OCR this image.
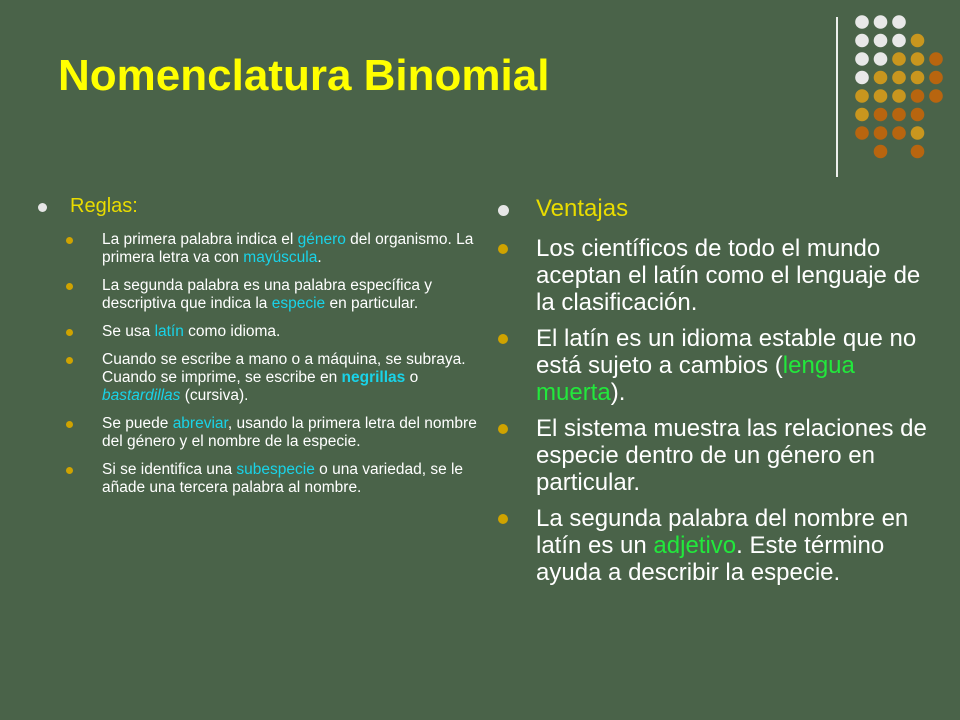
Nomenclatura Binomial
Reglas:
La primera palabra indica el género del organismo. La primera letra va con mayúscula.
La segunda palabra es una palabra específica y descriptiva que indica la especie en particular.
Se usa latín como idioma.
Cuando se escribe a mano o a máquina, se subraya. Cuando se imprime, se escribe en negrillas o bastardillas (cursiva).
Se puede abreviar, usando la primera letra del nombre del género y el nombre de la especie.
Si se identifica una subespecie o una variedad, se le añade una tercera palabra al nombre.
Ventajas
Los científicos de todo el mundo aceptan el latín como el lenguaje de la clasificación.
El latín es un idioma estable que no está sujeto a cambios (lengua muerta).
El sistema muestra las relaciones de especie dentro de un género en particular.
La segunda palabra del nombre en latín es un adjetivo. Este término ayuda a describir la especie.
